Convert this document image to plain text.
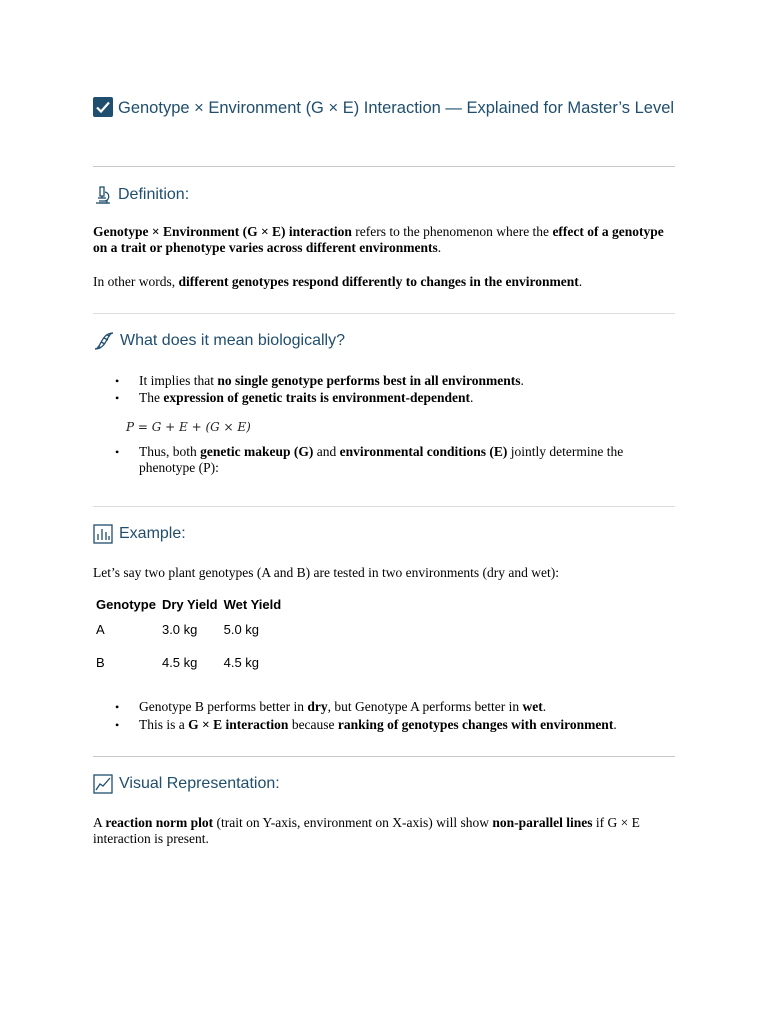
Genotype × Environment (G × E) Interaction — Explained for Master’s Level
Definition:

Genotype × Environment (G × E) interaction refers to the phenomenon where the effect of a genotype on a trait or phenotype varies across different environments.

In other words, different genotypes respond differently to changes in the environment.

What does it mean biologically?
• It implies that no single genotype performs best in all environments.
• The expression of genetic traits is environment-dependent.
P = G + E + (G × E)
• Thus, both genetic makeup (G) and environmental conditions (E) jointly determine the phenotype (P):
Example:

Let’s say two plant genotypes (A and B) are tested in two environments (dry and wet):

Genotype	Dry Yield	Wet Yield
A	3.0 kg	5.0 kg
B	4.5 kg	4.5 kg
• Genotype B performs better in dry, but Genotype A performs better in wet.
• This is a G × E interaction because ranking of genotypes changes with environment.
Visual Representation:

A reaction norm plot (trait on Y-axis, environment on X-axis) will show non-parallel lines if G × E interaction is present.
